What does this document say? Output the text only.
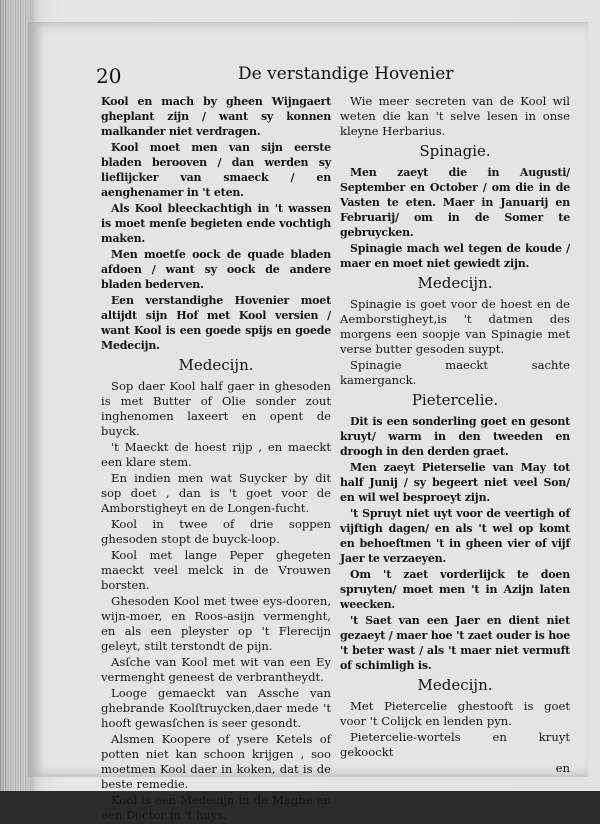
20	De verstandige Hovenier

Kool en mach by gheen Wijngaert gheplant zijn / want sy konnen malkander niet verdragen.

Kool moet men van sijn eerste bladen berooven / dan werden sy lieflijcker van smaeck / en aenghenamer in 't eten.

Als Kool bleeckachtigh in 't wassen is moet menſe begieten ende vochtigh maken.

Men moetſe oock de quade bladen afdoen / want sy oock de andere bladen bederven.

Een verstandighe Hovenier moet altijdt sijn Hof met Kool versien / want Kool is een goede spijs en goede Medecijn.

Medecijn.

Sop daer Kool half gaer in ghesoden is met Butter of Olie sonder zout inghenomen laxeert en opent de buyck.

't Maeckt de hoest rijp , en maeckt een klare stem.

En indien men wat Suycker by dit sop doet , dan is 't goet voor de Amborstigheyt en de Longen-fucht.

Kool in twee of drie soppen ghesoden stopt de buyck-loop.

Kool met lange Peper ghegeten maeckt veel melck in de Vrouwen borsten.

Ghesoden Kool met twee eys-dooren, wijn-moer, en Roos-asijn vermenght, en als een pleyster op 't Flerecijn geleyt, stilt terstondt de pijn.

Asſche van Kool met wit van een Ey vermenght geneest de verbrantheydt.

Looge gemaeckt van Assche van ghebrande Koolſtruycken,daer mede 't hooft gewasſchen is seer gesondt.

Alsmen Koopere of ysere Ketels of potten niet kan schoon krijgen , soo moetmen Kool daer in koken, dat is de beste remedie.

Kool is een Medecijn in de Maghe en een Doctor in 't huys.

Wie meer secreten van de Kool wil weten die kan 't selve lesen in onse kleyne Herbarius.

Spinagie.

Men zaeyt die in Augusti/ September en October / om die in de Vasten te eten. Maer in Januarij en Februarij/ om in de Somer te gebruycken.

Spinagie mach wel tegen de koude / maer en moet niet gewiedt zijn.

Medecijn.

Spinagie is goet voor de hoest en de Aemborstigheyt,is 't datmen des morgens een soopje van Spinagie met verse butter gesoden suypt.

Spinagie maeckt sachte kamerganck.

Pietercelie.

Dit is een sonderling goet en gesont kruyt/ warm in den tweeden en droogh in den derden graet.

Men zaeyt Pieterselie van May tot half Junij / sy begeert niet veel Son/ en wil wel besproeyt zijn.

't Spruyt niet uyt voor de veertigh of vijftigh dagen/ en als 't wel op komt en behoeftmen 't in gheen vier of vijf Jaer te verzaeyen.

Om 't zaet vorderlijck te doen spruyten/ moet men 't in Azijn laten weecken.

't Saet van een Jaer en dient niet gezaeyt / maer hoe 't zaet ouder is hoe 't beter wast / als 't maer niet vermuft of schimligh is.

Medecijn.

Met Pietercelie ghestooft is goet voor 't Colijck en lenden pyn.

Pietercelie-wortels en kruyt gekoockt

en
